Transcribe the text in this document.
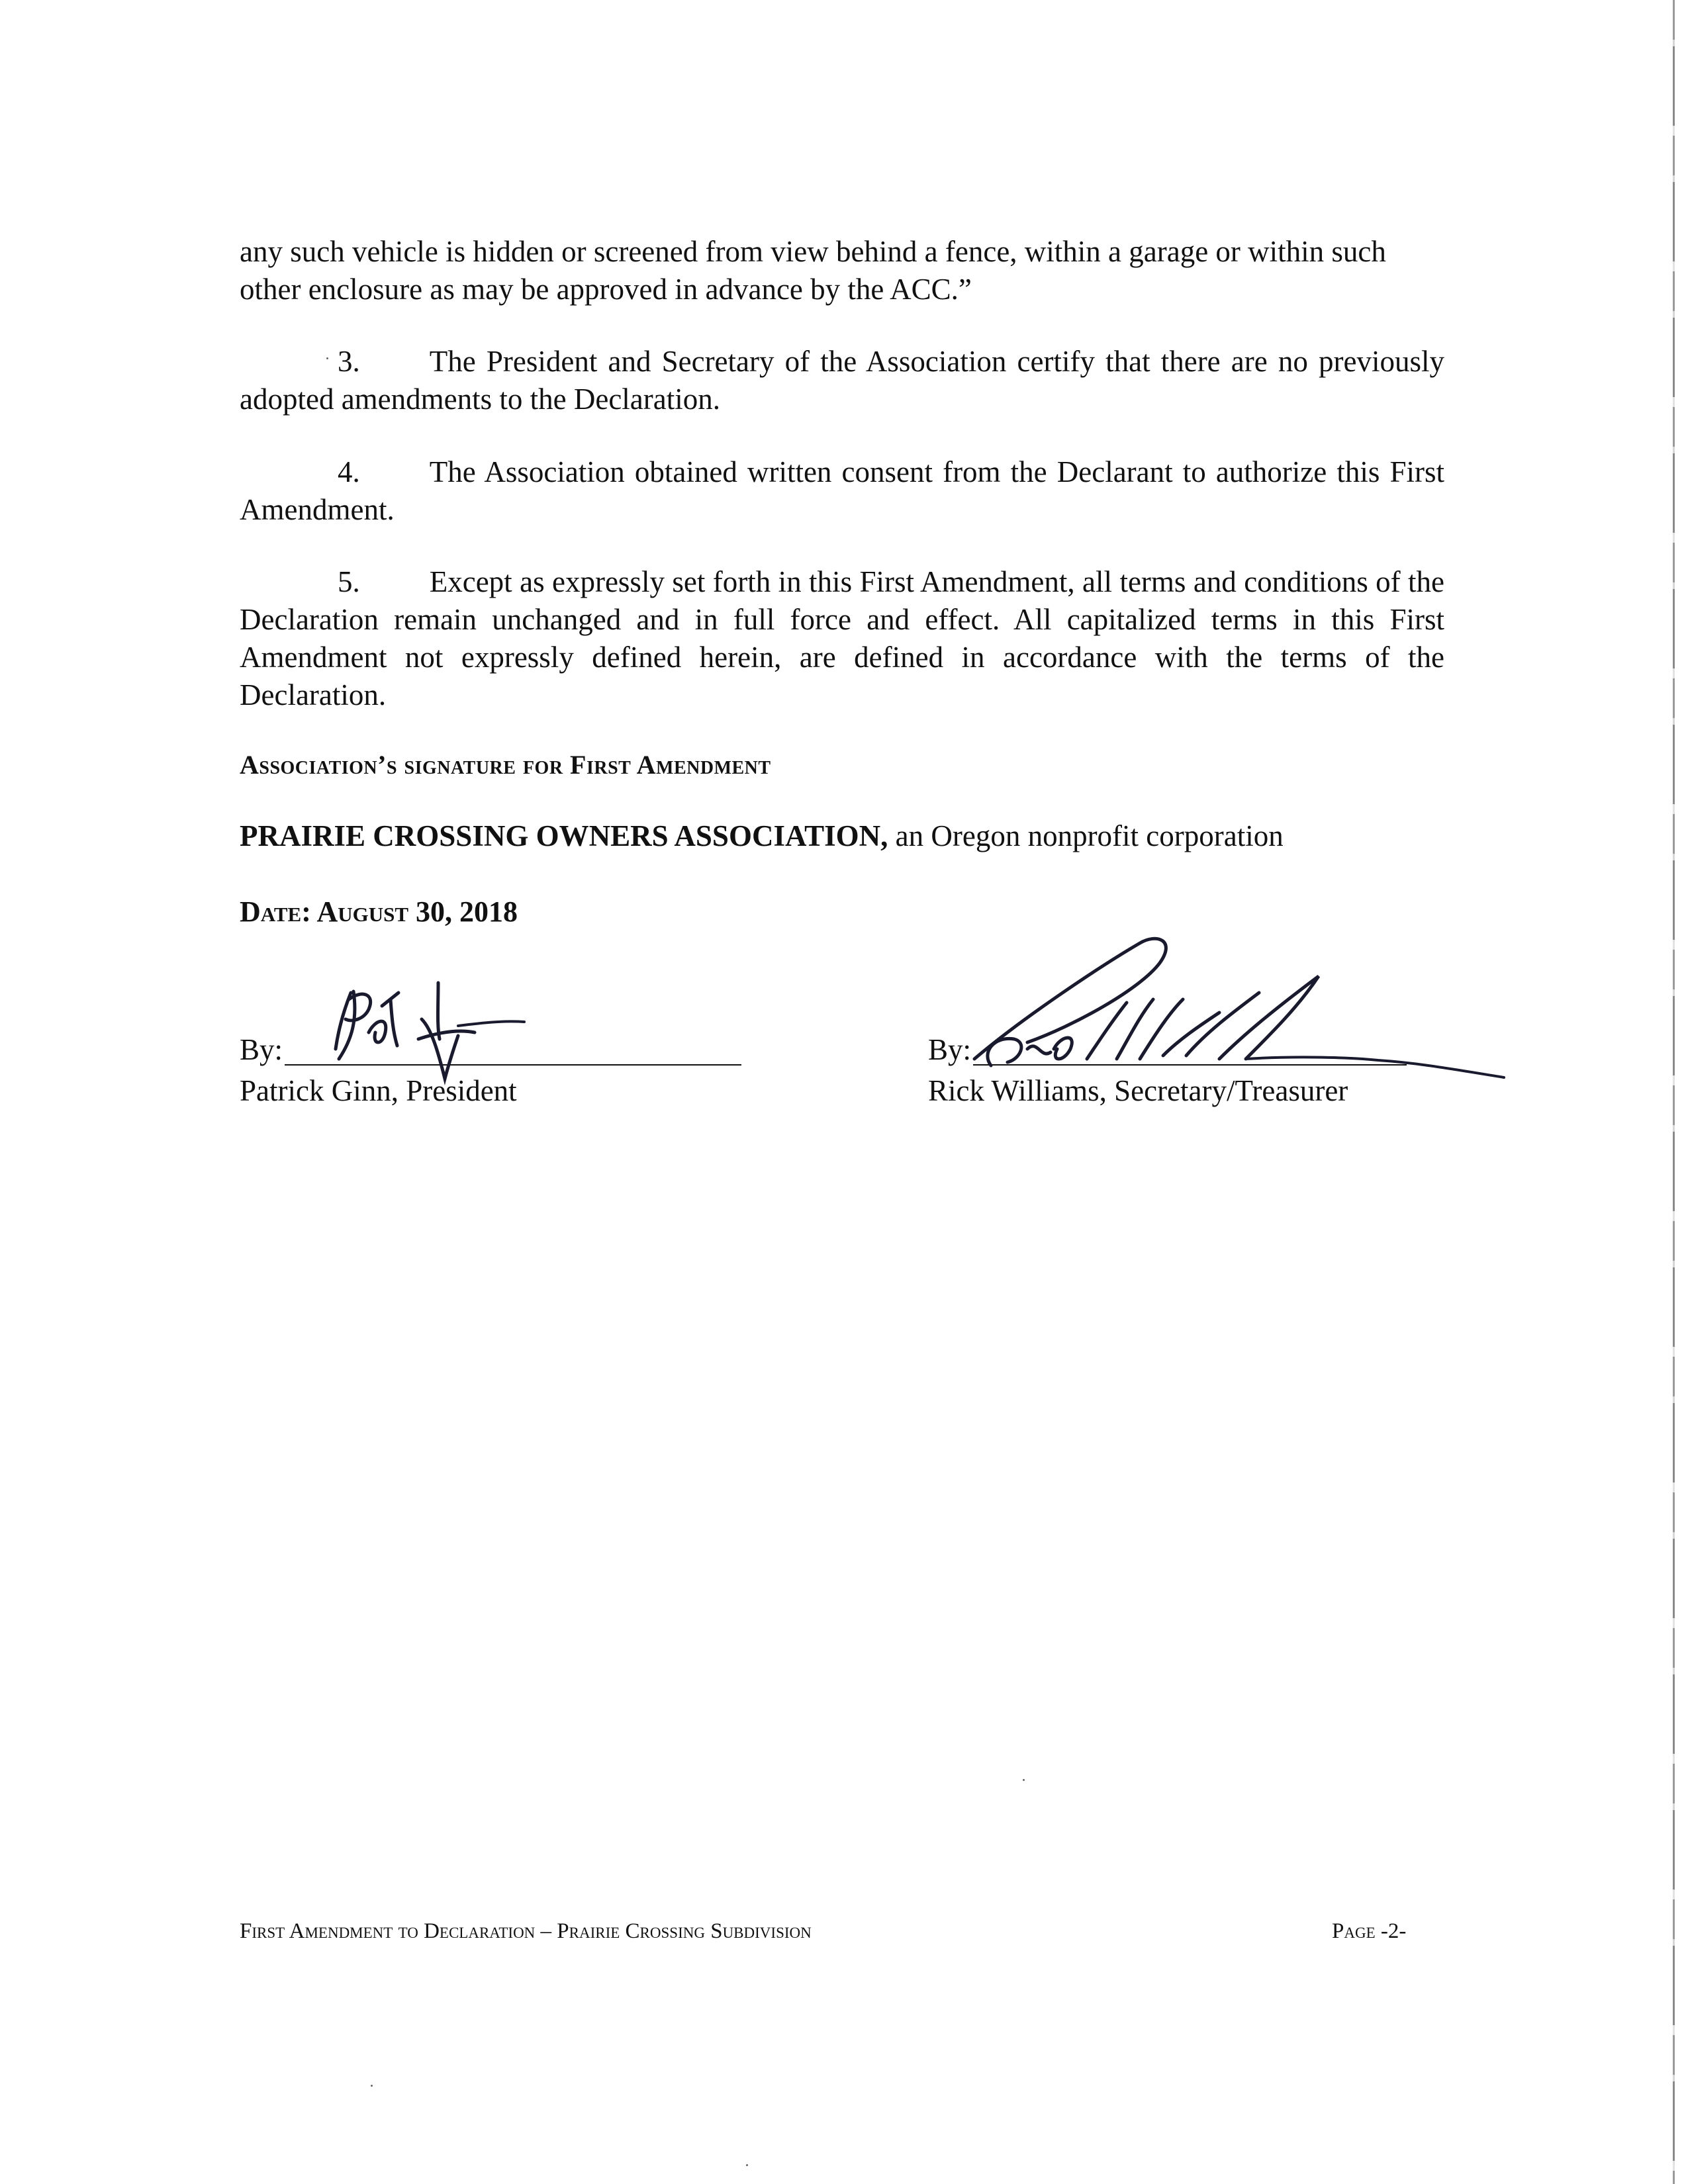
any such vehicle is hidden or screened from view behind a fence, within a garage or within such other enclosure as may be approved in advance by the ACC.”

3. The President and Secretary of the Association certify that there are no previously adopted amendments to the Declaration.

4. The Association obtained written consent from the Declarant to authorize this First Amendment.

5. Except as expressly set forth in this First Amendment, all terms and conditions of the Declaration remain unchanged and in full force and effect. All capitalized terms in this First Amendment not expressly defined herein, are defined in accordance with the terms of the Declaration.

Association’s signature for First Amendment
PRAIRIE CROSSING OWNERS ASSOCIATION, an Oregon nonprofit corporation
Date: August 30, 2018
By:
Patrick Ginn, President
By:
Rick Williams, Secretary/Treasurer
First Amendment to Declaration – Prairie Crossing Subdivision	Page -2-
